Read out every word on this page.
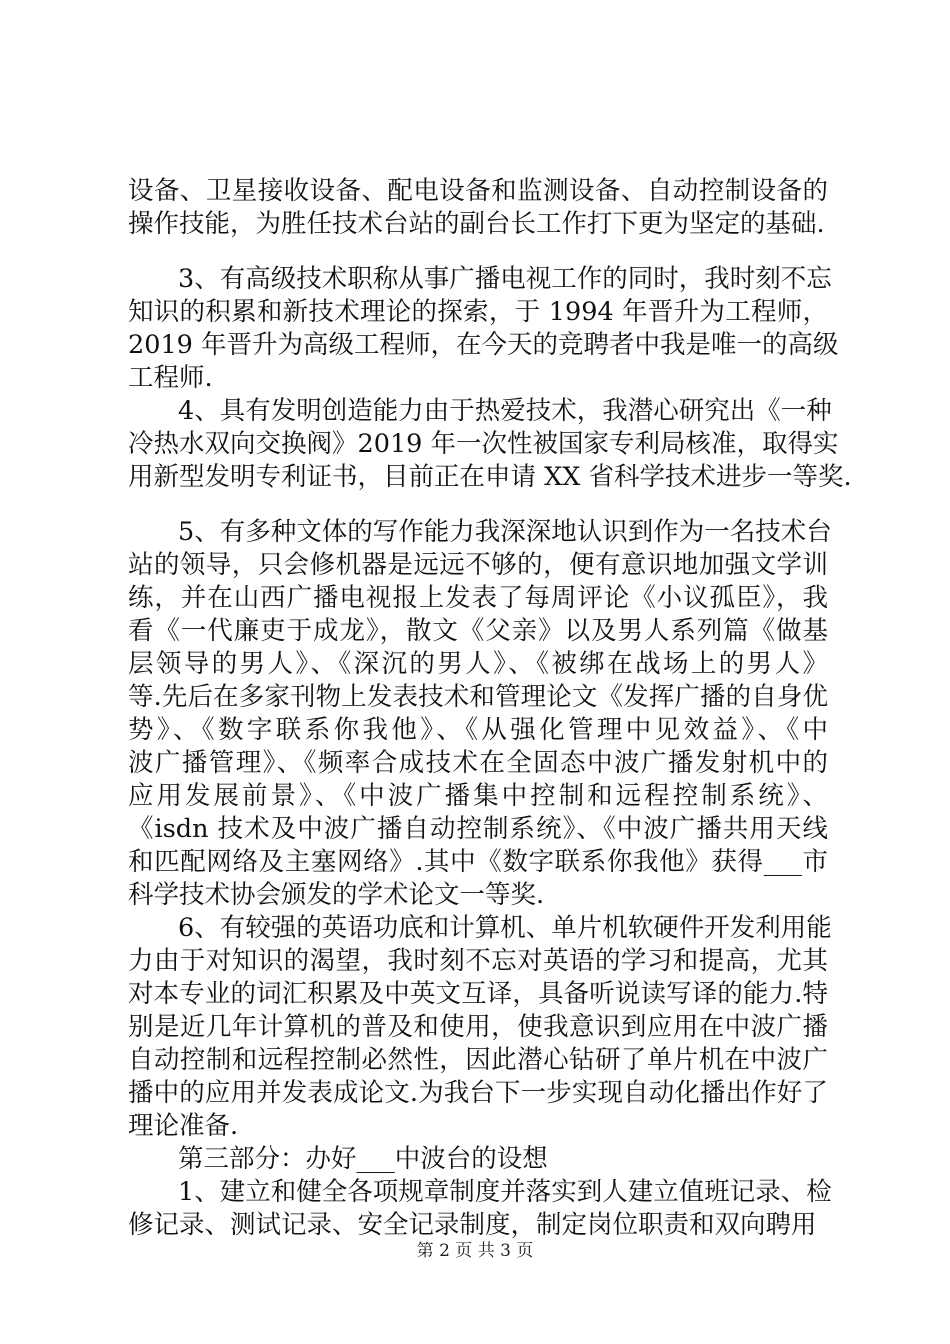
设备、卫星接收设备、配电设备和监测设备、自动控制设备的
操作技能，为胜任技术台站的副台长工作打下更为坚定的基础.
3、有高级技术职称从事广播电视工作的同时，我时刻不忘
知识的积累和新技术理论的探索，于 1994 年晋升为工程师，
2019 年晋升为高级工程师，在今天的竞聘者中我是唯一的高级
工程师.
4、具有发明创造能力由于热爱技术，我潜心研究出《一种
冷热水双向交换阀》2019 年一次性被国家专利局核准，取得实
用新型发明专利证书，目前正在申请 XX 省科学技术进步一等奖.
5、有多种文体的写作能力我深深地认识到作为一名技术台
站的领导，只会修机器是远远不够的，便有意识地加强文学训
练，并在山西广播电视报上发表了每周评论《小议孤臣》，我
看《一代廉吏于成龙》，散文《父亲》以及男人系列篇《做基
层领导的男人》、《深沉的男人》、《被绑在战场上的男人》
等.先后在多家刊物上发表技术和管理论文《发挥广播的自身优
势》、《数字联系你我他》、《从强化管理中见效益》、《中
波广播管理》、《频率合成技术在全固态中波广播发射机中的
应用发展前景》、《中波广播集中控制和远程控制系统》、
《isdn 技术及中波广播自动控制系统》、《中波广播共用天线
和匹配网络及主塞网络》.其中《数字联系你我他》获得___市
科学技术协会颁发的学术论文一等奖.
6、有较强的英语功底和计算机、单片机软硬件开发利用能
力由于对知识的渴望，我时刻不忘对英语的学习和提高，尤其
对本专业的词汇积累及中英文互译，具备听说读写译的能力.特
别是近几年计算机的普及和使用，使我意识到应用在中波广播
自动控制和远程控制必然性，因此潜心钻研了单片机在中波广
播中的应用并发表成论文.为我台下一步实现自动化播出作好了
理论准备.
第三部分：办好___中波台的设想
1、建立和健全各项规章制度并落实到人建立值班记录、检
修记录、测试记录、安全记录制度，制定岗位职责和双向聘用
第 2 页 共 3 页
